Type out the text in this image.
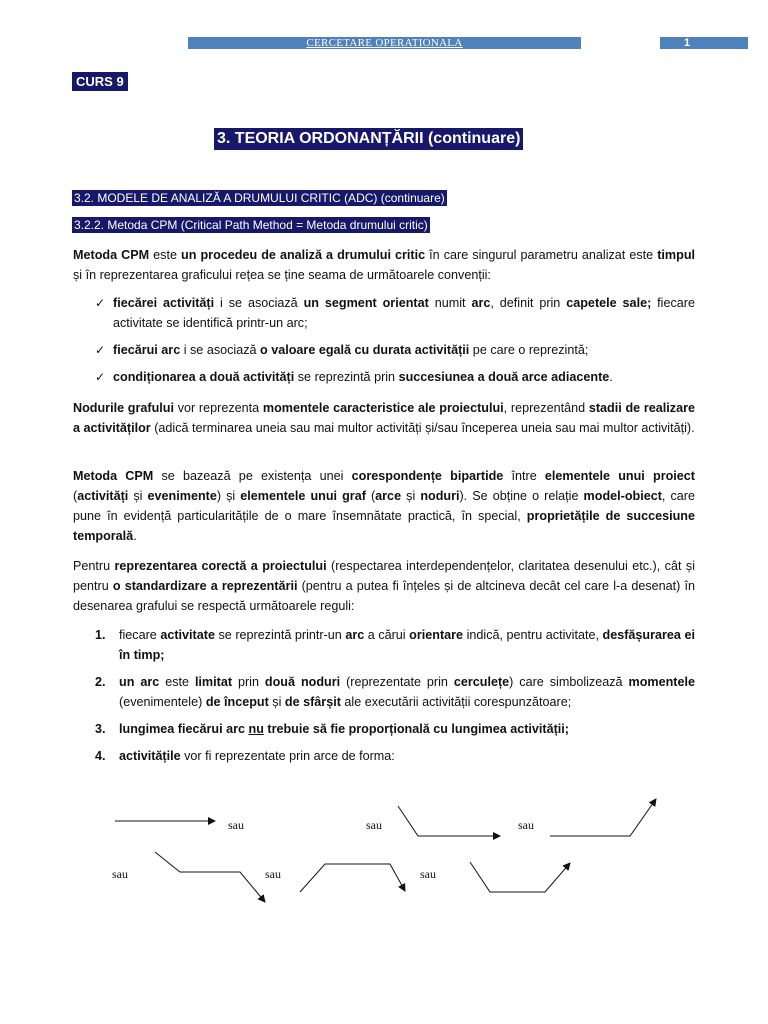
CERCETARE OPERATIONALA	1
CURS 9
3. TEORIA ORDONANȚĂRII (continuare)
3.2. MODELE DE ANALIZĂ A DRUMULUI CRITIC (ADC) (continuare)
3.2.2. Metoda CPM (Critical Path Method = Metoda drumului critic)
Metoda CPM este un procedeu de analiză a drumului critic în care singurul parametru analizat este timpul și în reprezentarea graficului rețea se ține seama de următoarele convenții:
✓ fiecărei activități i se asociază un segment orientat numit arc, definit prin capetele sale; fiecare activitate se identifică printr-un arc;
✓ fiecărui arc i se asociază o valoare egală cu durata activității pe care o reprezintă;
✓ condiționarea a două activități se reprezintă prin succesiunea a două arce adiacente.
Nodurile grafului vor reprezenta momentele caracteristice ale proiectului, reprezentând stadii de realizare a activităților (adică terminarea uneia sau mai multor activități și/sau începerea uneia sau mai multor activități).
Metoda CPM se bazează pe existența unei corespondențe bipartide între elementele unui proiect (activități și evenimente) și elementele unui graf (arce și noduri). Se obține o relație model-obiect, care pune în evidență particularitățile de o mare însemnătate practică, în special, proprietățile de succesiune temporală.
Pentru reprezentarea corectă a proiectului (respectarea interdependențelor, claritatea desenului etc.), cât și pentru o standardizare a reprezentării (pentru a putea fi înțeles și de altcineva decât cel care l-a desenat) în desenarea grafului se respectă următoarele reguli:
1. fiecare activitate se reprezintă printr-un arc a cărui orientare indică, pentru activitate, desfășurarea ei în timp;
2. un arc este limitat prin două noduri (reprezentate prin cerculețe) care simbolizează momentele (evenimentele) de început și de sfârșit ale executării activității corespunzătoare;
3. lungimea fiecărui arc nu trebuie să fie proporțională cu lungimea activității;
4. activitățile vor fi reprezentate prin arce de forma:
sau	sau	sau
sau	sau	sau
